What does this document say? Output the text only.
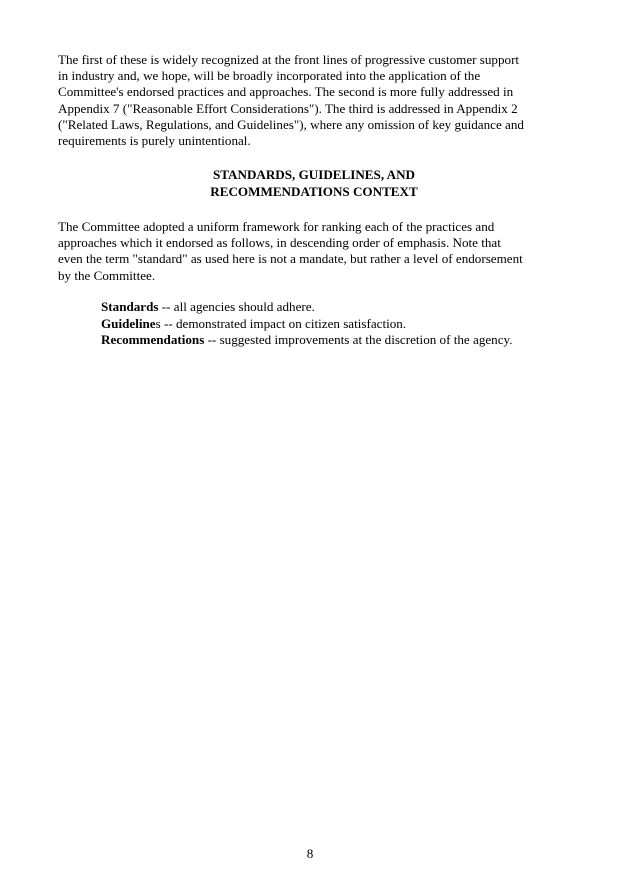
The first of these is widely recognized at the front lines of progressive customer support
in industry and, we hope, will be broadly incorporated into the application of the
Committee's endorsed practices and approaches. The second is more fully addressed in
Appendix 7 ("Reasonable Effort Considerations"). The third is addressed in Appendix 2
("Related Laws, Regulations, and Guidelines"), where any omission of key guidance and
requirements is purely unintentional.
STANDARDS, GUIDELINES, AND
RECOMMENDATIONS CONTEXT
The Committee adopted a uniform framework for ranking each of the practices and
approaches which it endorsed as follows, in descending order of emphasis. Note that
even the term "standard" as used here is not a mandate, but rather a level of endorsement
by the Committee.
Standards -- all agencies should adhere.
Guidelines -- demonstrated impact on citizen satisfaction.
Recommendations -- suggested improvements at the discretion of the agency.
8
